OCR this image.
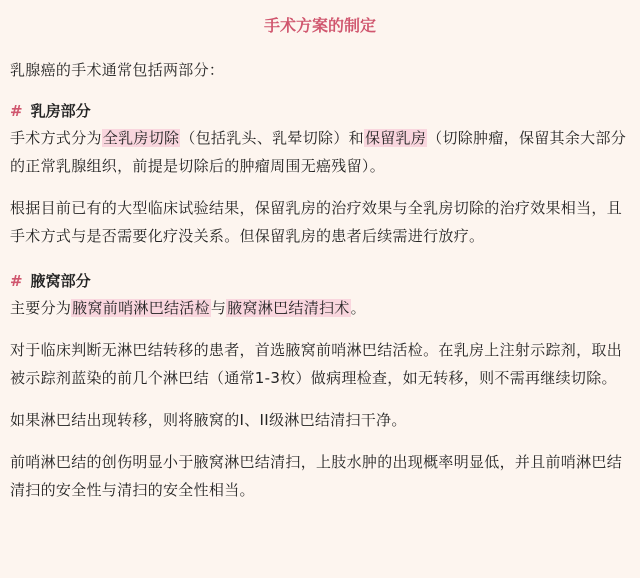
手术方案的制定

乳腺癌的手术通常包括两部分：

# 乳房部分

手术方式分为全乳房切除（包括乳头、乳晕切除）和保留乳房（切除肿瘤，保留其余大部分的正常乳腺组织，前提是切除后的肿瘤周围无癌残留）。

根据目前已有的大型临床试验结果，保留乳房的治疗效果与全乳房切除的治疗效果相当，且手术方式与是否需要化疗没关系。但保留乳房的患者后续需进行放疗。

# 腋窝部分

主要分为腋窝前哨淋巴结活检与腋窝淋巴结清扫术。

对于临床判断无淋巴结转移的患者，首选腋窝前哨淋巴结活检。在乳房上注射示踪剂，取出被示踪剂蓝染的前几个淋巴结（通常1-3枚）做病理检查，如无转移，则不需再继续切除。

如果淋巴结出现转移，则将腋窝的I、II级淋巴结清扫干净。

前哨淋巴结的创伤明显小于腋窝淋巴结清扫，上肢水肿的出现概率明显低，并且前哨淋巴结清扫的安全性与清扫的安全性相当。
